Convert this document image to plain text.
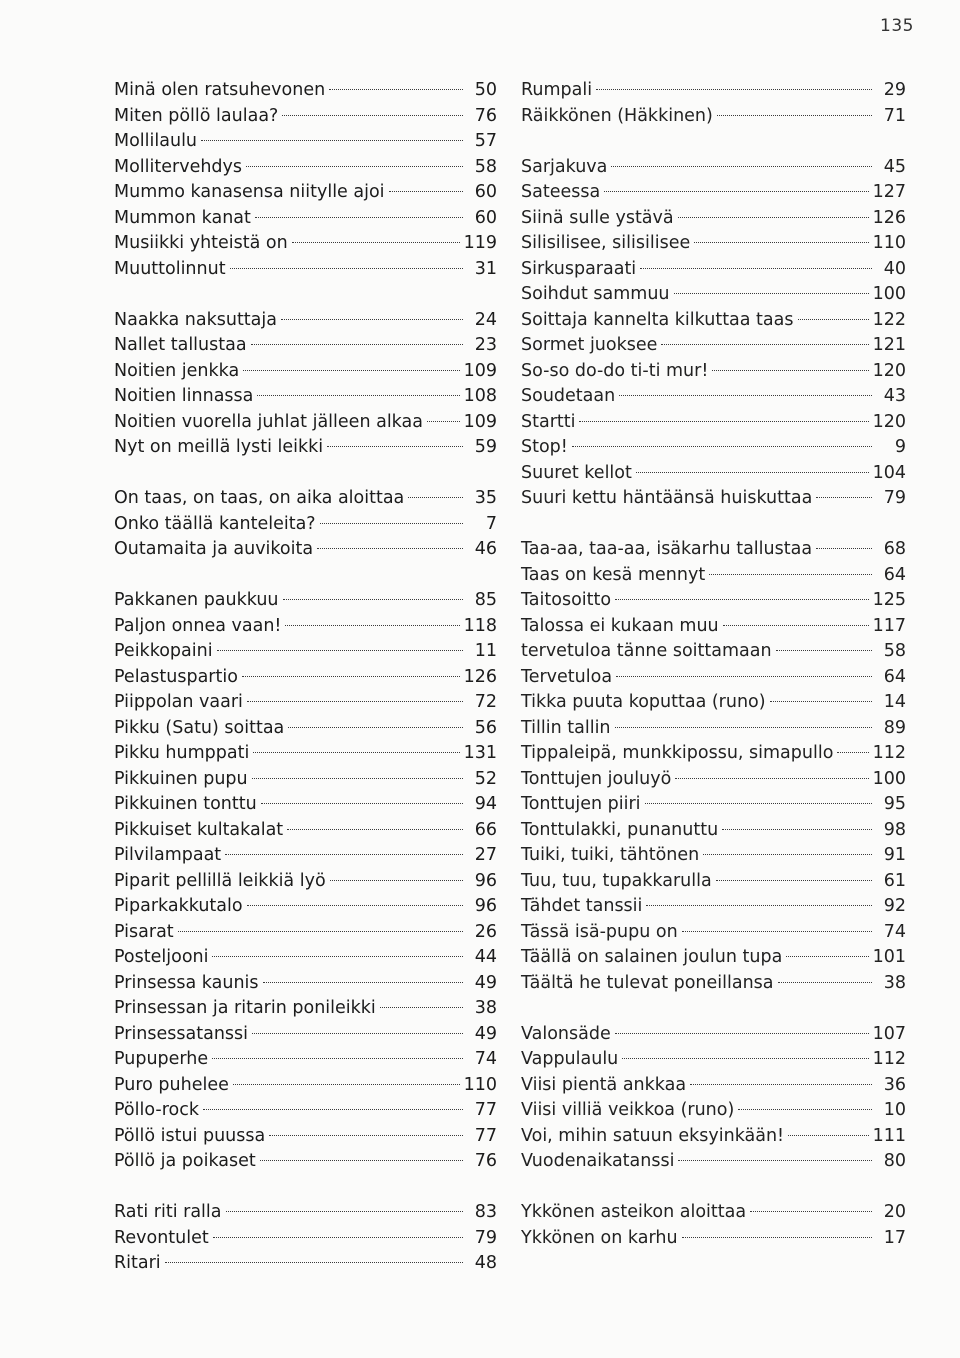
135
Minä olen ratsuhevonen	50
Miten pöllö laulaa?	76
Mollilaulu	57
Mollitervehdys	58
Mummo kanasensa niitylle ajoi	60
Mummon kanat	60
Musiikki yhteistä on	119
Muuttolinnut	31
Naakka naksuttaja	24
Nallet tallustaa	23
Noitien jenkka	109
Noitien linnassa	108
Noitien vuorella juhlat jälleen alkaa 109
Nyt on meillä lysti leikki	59
On taas, on taas, on aika aloittaa	35
Onko täällä kanteleita?	7
Outamaita ja auvikoita	46
Pakkanen paukkuu	85
Paljon onnea vaan!	118
Peikkopaini	11
Pelastuspartio	126
Piippolan vaari	72
Pikku (Satu) soittaa	56
Pikku humppati	131
Pikkuinen pupu	52
Pikkuinen tonttu	94
Pikkuiset kultakalat	66
Pilvilampaat	27
Piparit pellillä leikkiä lyö	96
Piparkakkutalo	96
Pisarat	26
Posteljooni	44
Prinsessa kaunis	49
Prinsessan ja ritarin ponileikki	38
Prinsessatanssi	49
Pupuperhe	74
Puro puhelee	110
Pöllo-rock	77
Pöllö istui puussa	77
Pöllö ja poikaset	76
Rati riti ralla	83
Revontulet	79
Ritari	48
Rumpali	29
Räikkönen (Häkkinen)	71
Sarjakuva	45
Sateessa	127
Siinä sulle ystävä	126
Silisilisee, silisilisee	110
Sirkusparaati	40
Soihdut sammuu	100
Soittaja kannelta kilkuttaa taas	122
Sormet juoksee	121
So-so do-do ti-ti mur!	120
Soudetaan	43
Startti	120
Stop!	9
Suuret kellot	104
Suuri kettu häntäänsä huiskuttaa	79
Taa-aa, taa-aa, isäkarhu tallustaa	68
Taas on kesä mennyt	64
Taitosoitto	125
Talossa ei kukaan muu	117
tervetuloa tänne soittamaan	58
Tervetuloa	64
Tikka puuta koputtaa (runo)	14
Tillin tallin	89
Tippaleipä, munkkipossu, simapullo 112
Tonttujen jouluyö	100
Tonttujen piiri	95
Tonttulakki, punanuttu	98
Tuiki, tuiki, tähtönen	91
Tuu, tuu, tupakkarulla	61
Tähdet tanssii	92
Tässä isä-pupu on	74
Täällä on salainen joulun tupa	101
Täältä he tulevat poneillansa	38
Valonsäde	107
Vappulaulu	112
Viisi pientä ankkaa	36
Viisi villiä veikkoa (runo)	10
Voi, mihin satuun eksyinkään!	111
Vuodenaikatanssi	80
Ykkönen asteikon aloittaa	20
Ykkönen on karhu	17
